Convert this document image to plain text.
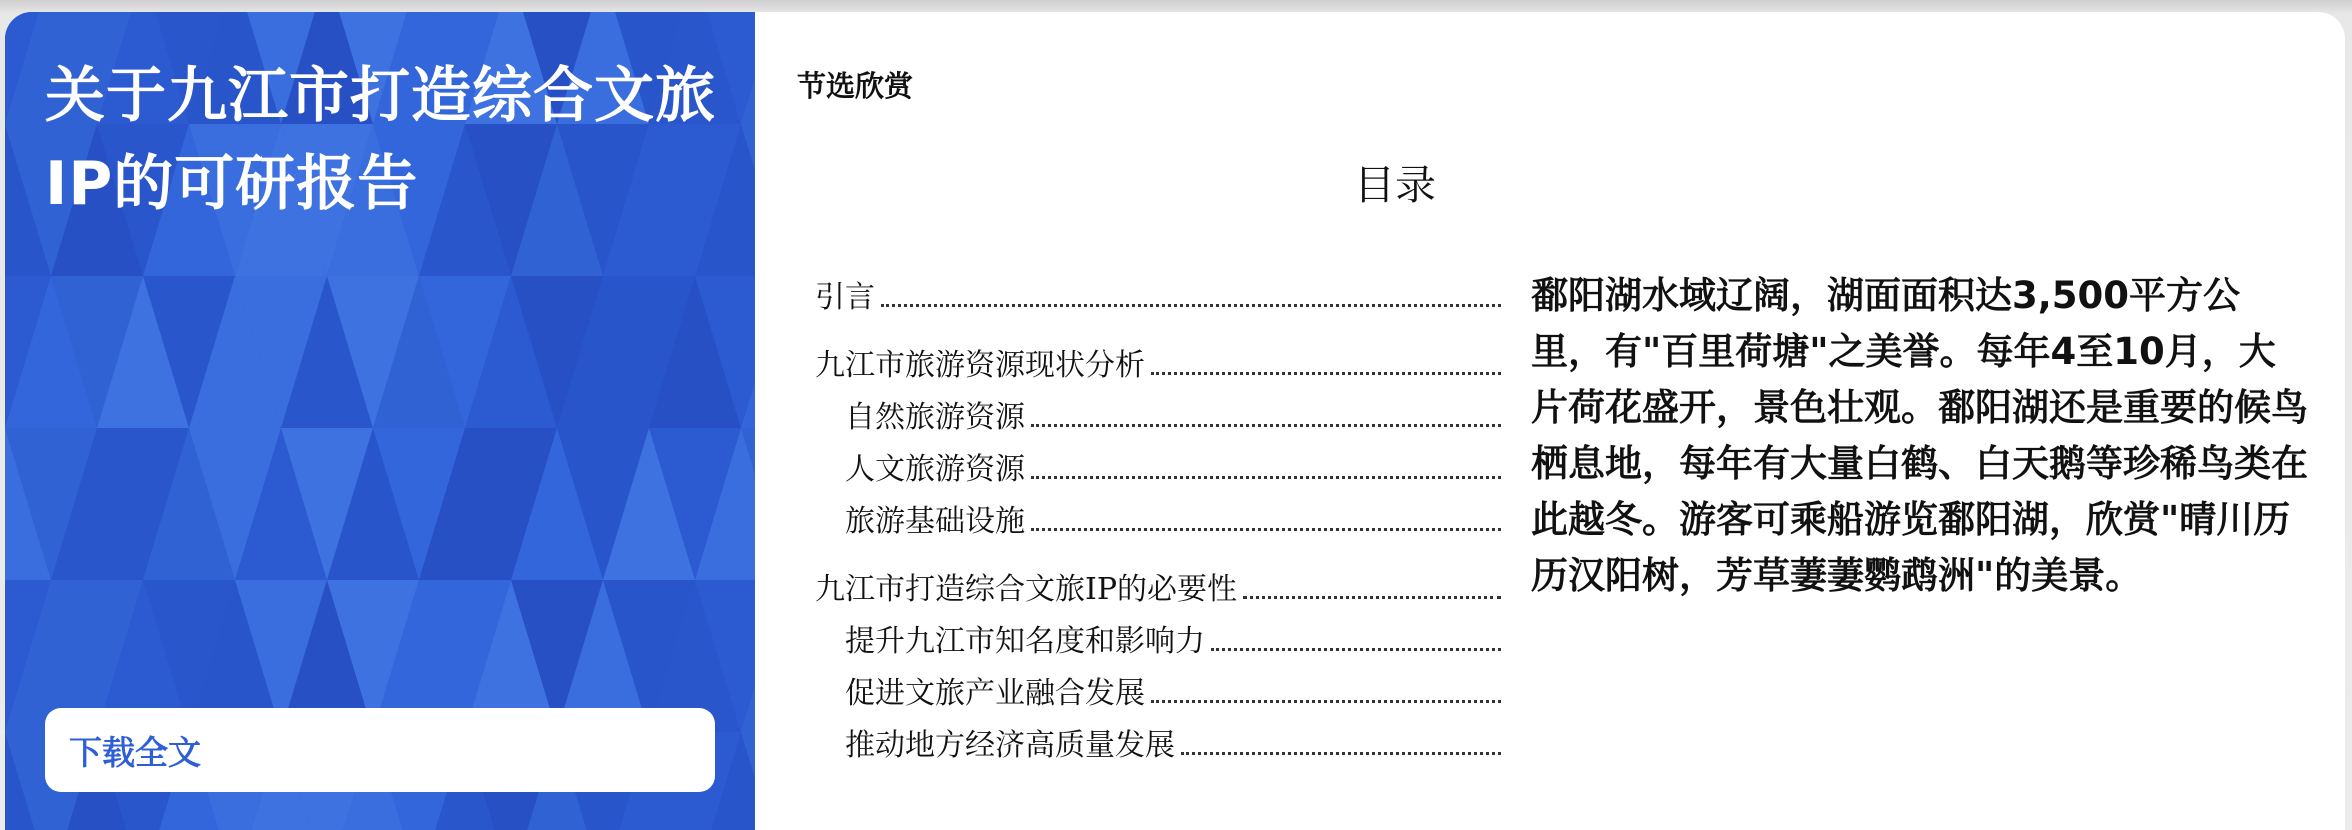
关于九江市打造综合文旅IP的可研报告
下载全文
节选欣赏
目录
引言
九江市旅游资源现状分析
自然旅游资源
人文旅游资源
旅游基础设施
九江市打造综合文旅IP的必要性
提升九江市知名度和影响力
促进文旅产业融合发展
推动地方经济高质量发展

鄱阳湖水域辽阔，湖面面积达3,500平方公里，有"百里荷塘"之美誉。每年4至10月，大片荷花盛开，景色壮观。鄱阳湖还是重要的候鸟栖息地，每年有大量白鹤、白天鹅等珍稀鸟类在此越冬。游客可乘船游览鄱阳湖，欣赏"晴川历历汉阳树，芳草萋萋鹦鹉洲"的美景。
